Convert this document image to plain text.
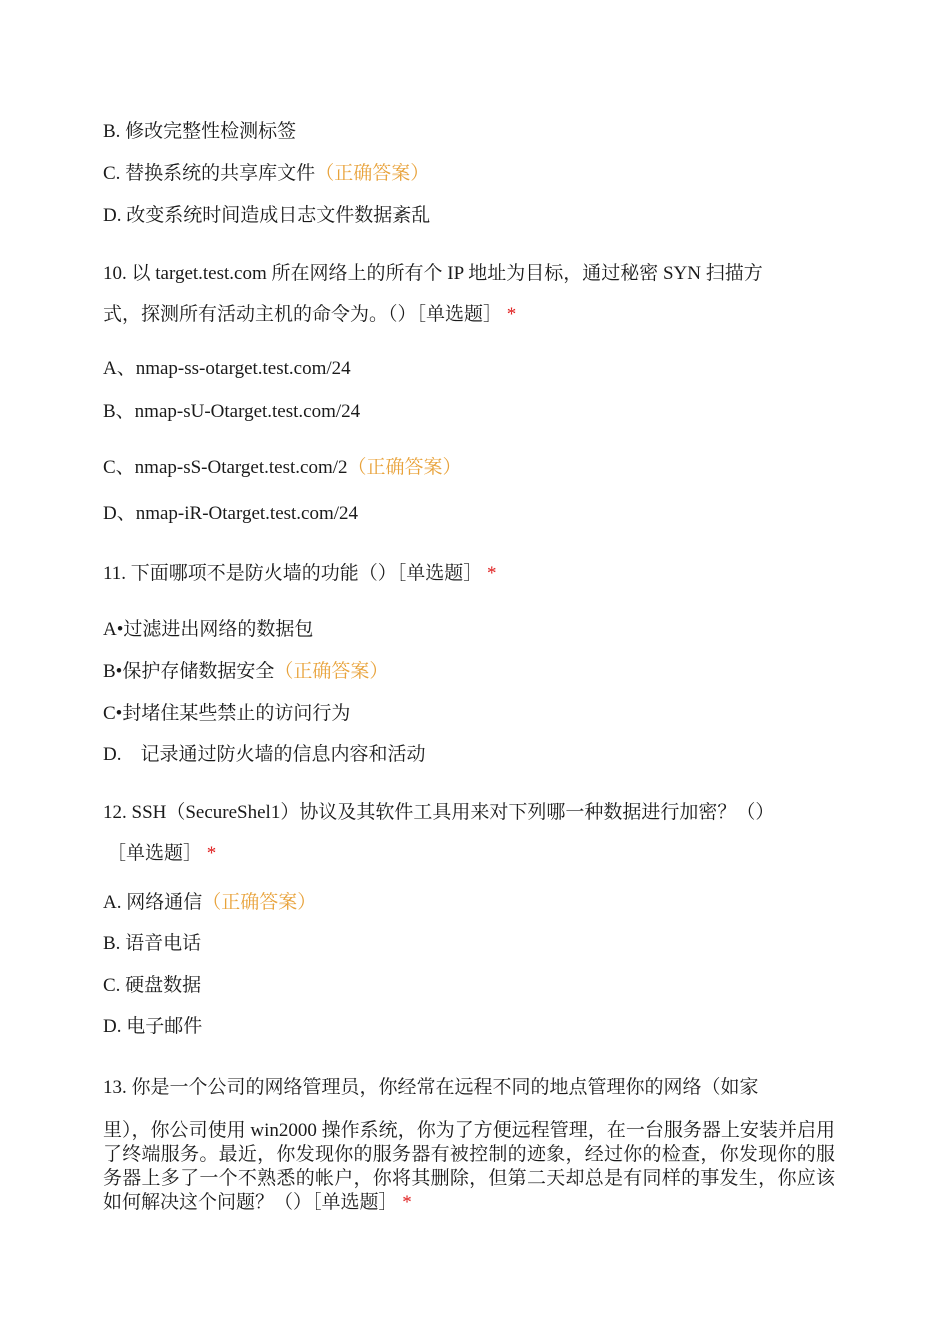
B. 修改完整性检测标签
C. 替换系统的共享库文件（正确答案）
D. 改变系统时间造成日志文件数据紊乱
10. 以 target.test.com 所在网络上的所有个 IP 地址为目标，通过秘密 SYN 扫描方
式，探测所有活动主机的命令为。（）［单选题］ *
A、nmap-ss-otarget.test.com/24
B、nmap-sU-Otarget.test.com/24
C、nmap-sS-Otarget.test.com/2（正确答案）
D、nmap-iR-Otarget.test.com/24
11. 下面哪项不是防火墙的功能（）［单选题］ *
A•过滤进出网络的数据包
B•保护存储数据安全（正确答案）
C•封堵住某些禁止的访问行为
D.    记录通过防火墙的信息内容和活动
12. SSH（SecureShel1）协议及其软件工具用来对下列哪一种数据进行加密？（）
［单选题］ *
A. 网络通信（正确答案）
B. 语音电话
C. 硬盘数据
D. 电子邮件
13. 你是一个公司的网络管理员，你经常在远程不同的地点管理你的网络（如家
里），你公司使用 win2000 操作系统，你为了方便远程管理，在一台服务器上安装并启用了终端服务。最近，你发现你的服务器有被控制的迹象，经过你的检查，你发现你的服务器上多了一个不熟悉的帐户，你将其删除，但第二天却总是有同样的事发生，你应该如何解决这个问题？（）［单选题］ *
